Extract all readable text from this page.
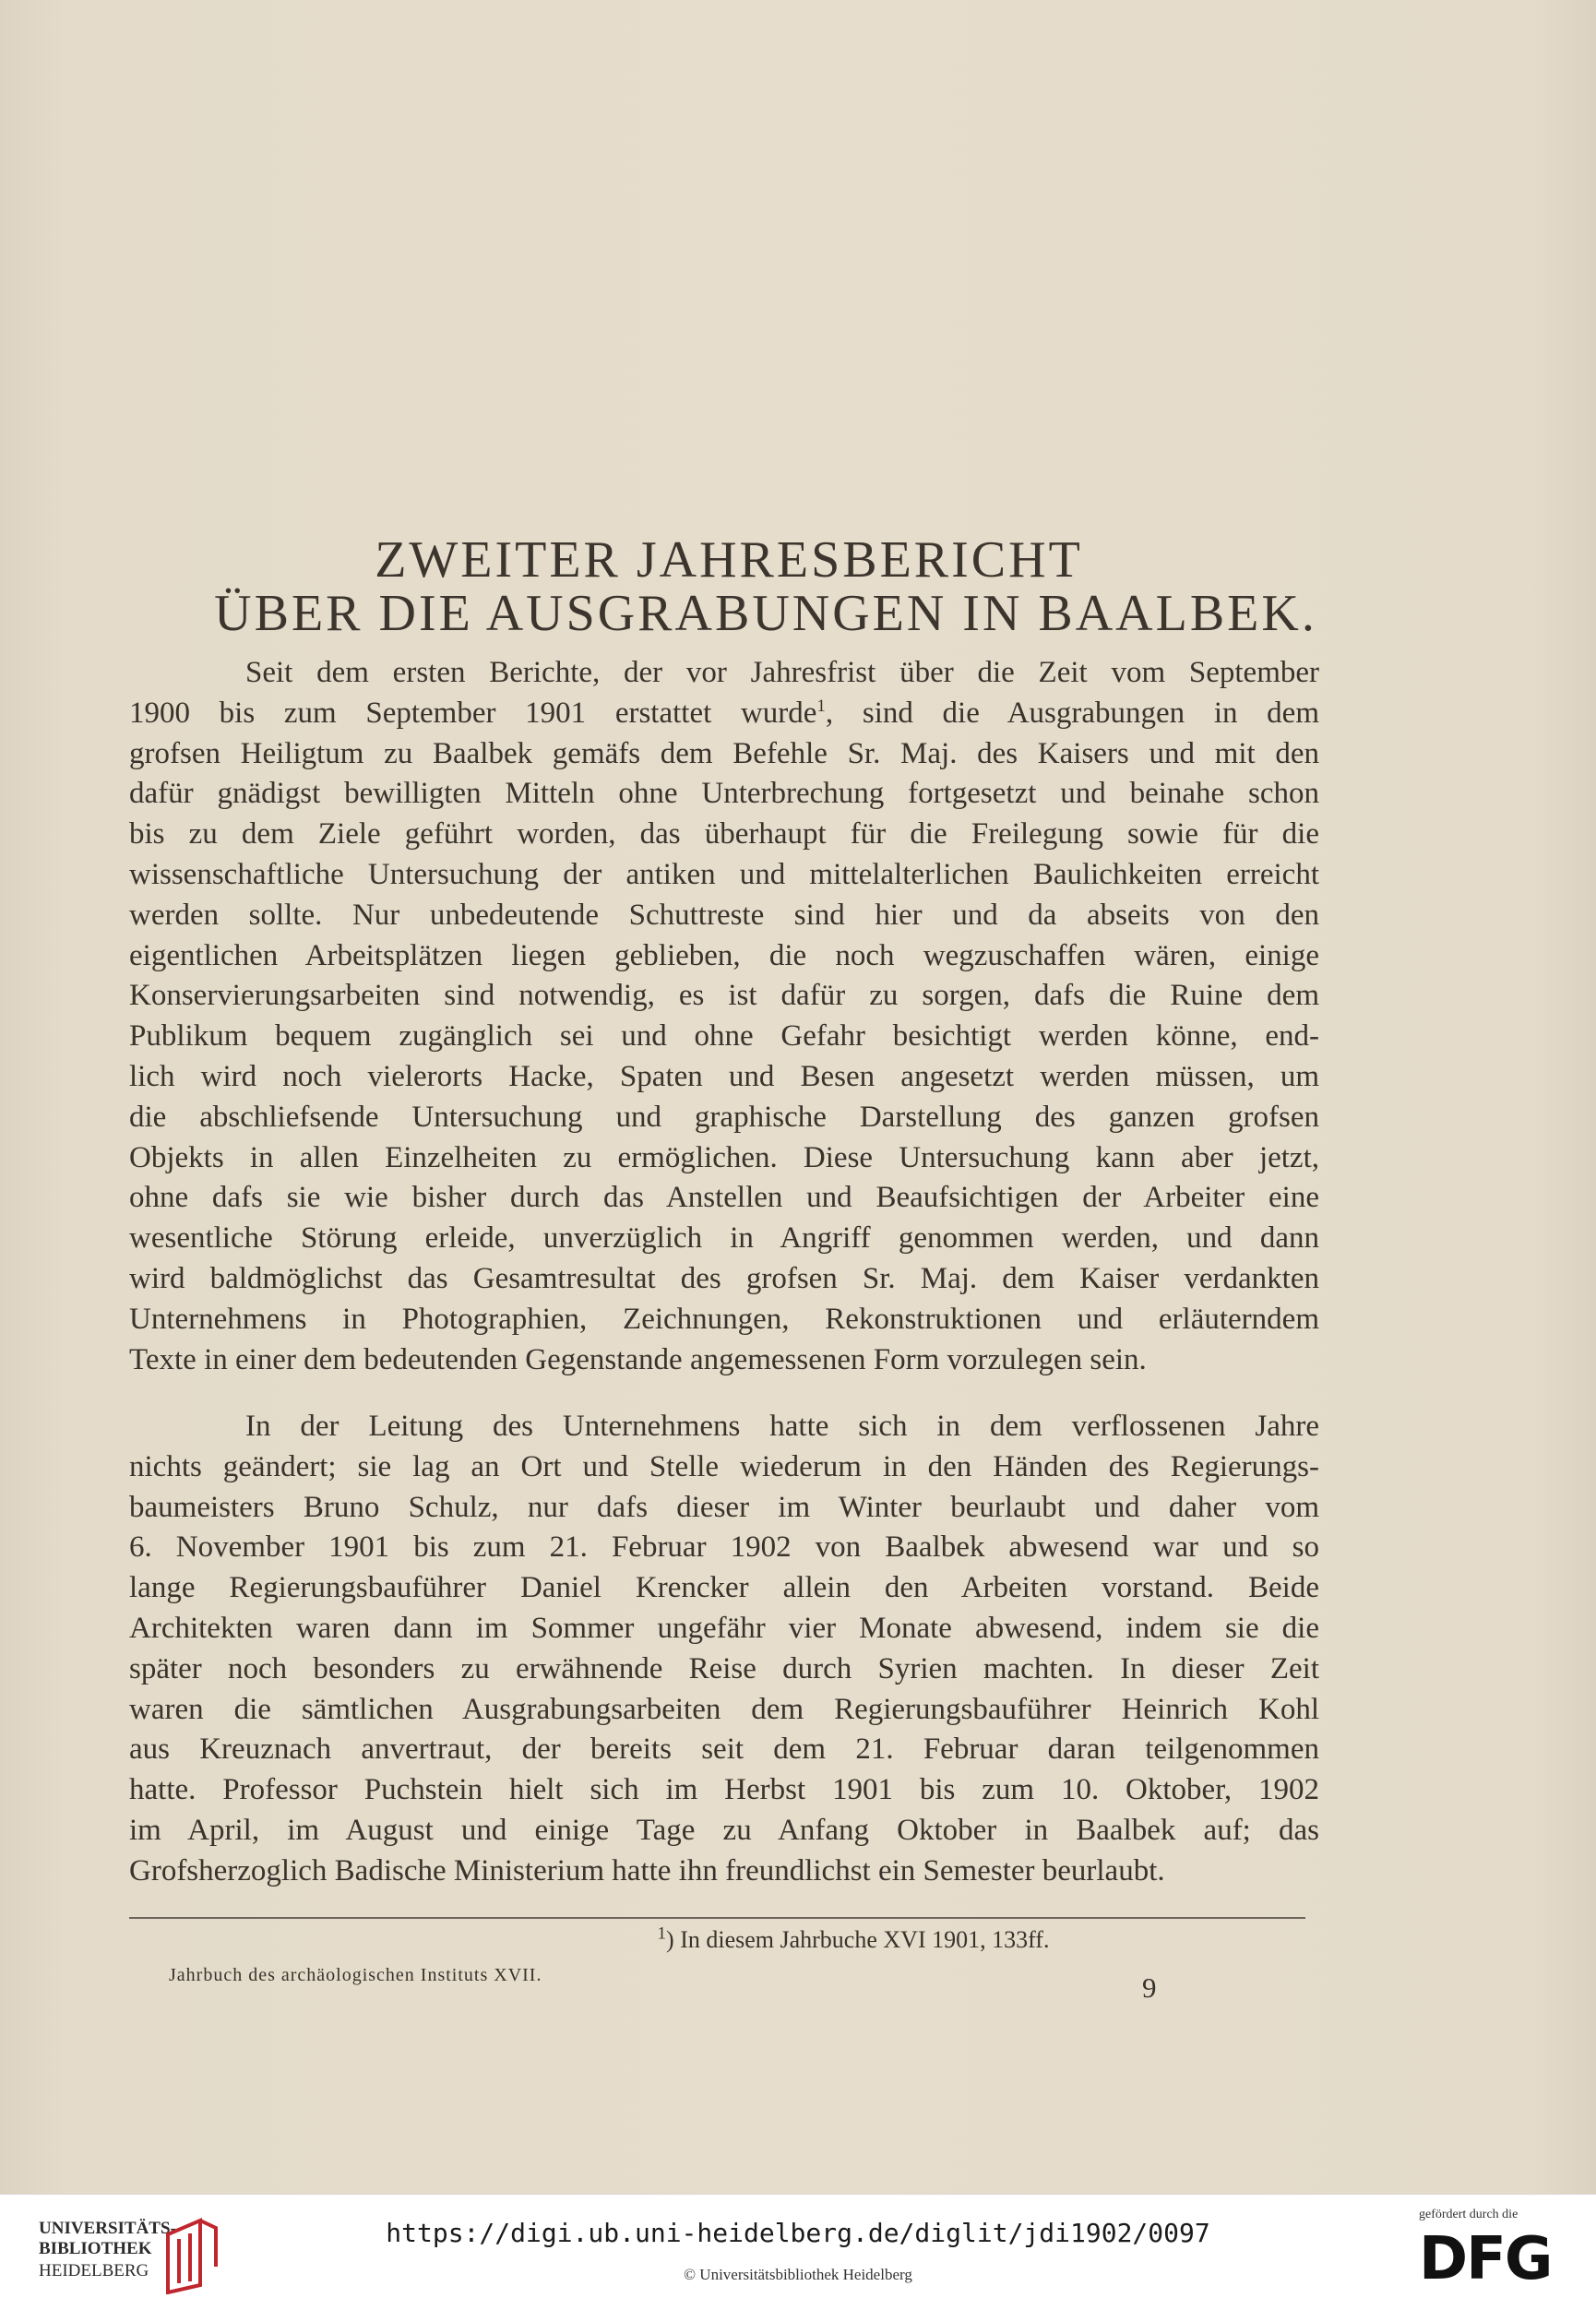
ZWEITER JAHRESBERICHT
ÜBER DIE AUSGRABUNGEN IN BAALBEK.
Seit dem ersten Berichte, der vor Jahresfrist über die Zeit vom September
1900 bis zum September 1901 erstattet wurde$^1$, sind die Ausgrabungen in dem
grofsen Heiligtum zu Baalbek gemäfs dem Befehle Sr. Maj. des Kaisers und mit den
dafür gnädigst bewilligten Mitteln ohne Unterbrechung fortgesetzt und beinahe schon
bis zu dem Ziele geführt worden, das überhaupt für die Freilegung sowie für die
wissenschaftliche Untersuchung der antiken und mittelalterlichen Baulichkeiten erreicht
werden sollte. Nur unbedeutende Schuttreste sind hier und da abseits von den
eigentlichen Arbeitsplätzen liegen geblieben, die noch wegzuschaffen wären, einige
Konservierungsarbeiten sind notwendig, es ist dafür zu sorgen, dafs die Ruine dem
Publikum bequem zugänglich sei und ohne Gefahr besichtigt werden könne, end-
lich wird noch vielerorts Hacke, Spaten und Besen angesetzt werden müssen, um
die abschliefsende Untersuchung und graphische Darstellung des ganzen grofsen
Objekts in allen Einzelheiten zu ermöglichen. Diese Untersuchung kann aber jetzt,
ohne dafs sie wie bisher durch das Anstellen und Beaufsichtigen der Arbeiter eine
wesentliche Störung erleide, unverzüglich in Angriff genommen werden, und dann
wird baldmöglichst das Gesamtresultat des grofsen Sr. Maj. dem Kaiser verdankten
Unternehmens in Photographien, Zeichnungen, Rekonstruktionen und erläuterndem
Texte in einer dem bedeutenden Gegenstande angemessenen Form vorzulegen sein.
In der Leitung des Unternehmens hatte sich in dem verflossenen Jahre
nichts geändert; sie lag an Ort und Stelle wiederum in den Händen des Regierungs-
baumeisters Bruno Schulz, nur dafs dieser im Winter beurlaubt und daher vom
6. November 1901 bis zum 21. Februar 1902 von Baalbek abwesend war und so
lange Regierungsbauführer Daniel Krencker allein den Arbeiten vorstand. Beide
Architekten waren dann im Sommer ungefähr vier Monate abwesend, indem sie die
später noch besonders zu erwähnende Reise durch Syrien machten. In dieser Zeit
waren die sämtlichen Ausgrabungsarbeiten dem Regierungsbauführer Heinrich Kohl
aus Kreuznach anvertraut, der bereits seit dem 21. Februar daran teilgenommen
hatte. Professor Puchstein hielt sich im Herbst 1901 bis zum 10. Oktober, 1902
im April, im August und einige Tage zu Anfang Oktober in Baalbek auf; das
Grofsherzoglich Badische Ministerium hatte ihn freundlichst ein Semester beurlaubt.
$^1$) In diesem Jahrbuche XVI 1901, 133ff.
Jahrbuch des archäologischen Instituts XVII.	9
UNIVERSITÄTS-
BIBLIOTHEK
HEIDELBERG
https://digi.ub.uni-heidelberg.de/diglit/jdi1902/0097
© Universitätsbibliothek Heidelberg
gefördert durch die
DFG
